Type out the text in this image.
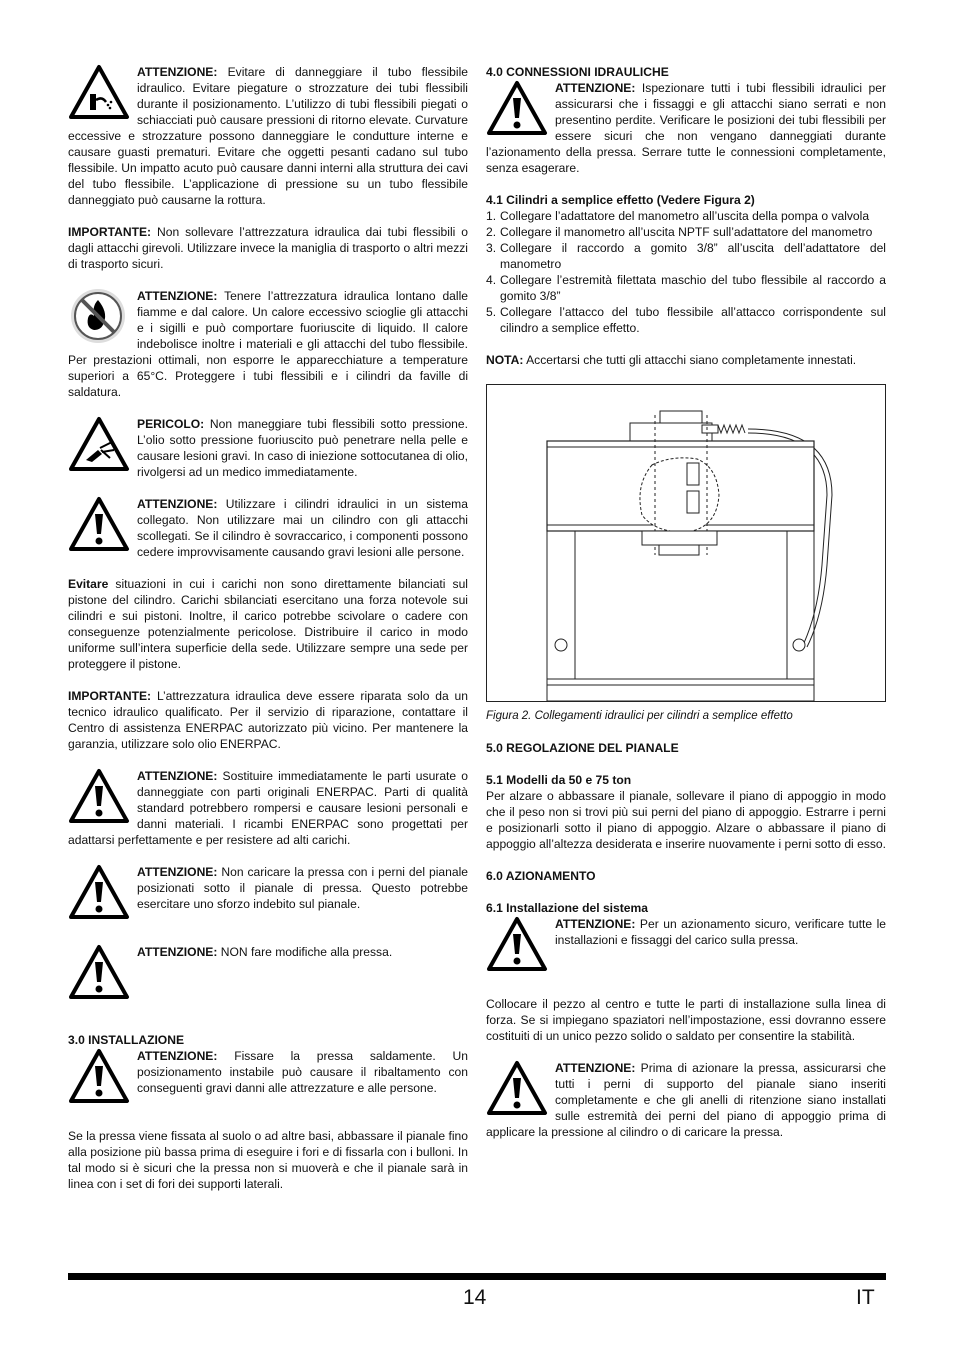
ATTENZIONE: Evitare di danneggiare il tubo flessibile idraulico. Evitare piegature o strozzature dei tubi flessibili durante il posizionamento. L’utilizzo di tubi flessibili piegati o schiacciati può causare pressioni di ritorno elevate. Curvature eccessive e strozzature possono danneggiare le condutture interne e causare guasti prematuri. Evitare che oggetti pesanti cadano sul tubo flessibile. Un impatto acuto può causare danni interni alla struttura dei cavi del tubo flessibile. L’applicazione di pressione su un tubo flessibile danneggiato può causarne la rottura.

IMPORTANTE: Non sollevare l’attrezzatura idraulica dai tubi flessibili o dagli attacchi girevoli. Utilizzare invece la maniglia di trasporto o altri mezzi di trasporto sicuri.

ATTENZIONE: Tenere l’attrezzatura idraulica lontano dalle fiamme e dal calore. Un calore eccessivo scioglie gli attacchi e i sigilli e può comportare fuoriuscite di liquido. Il calore indebolisce inoltre i materiali e gli attacchi del tubo flessibile. Per prestazioni ottimali, non esporre le apparecchiature a temperature superiori a 65°C. Proteggere i tubi flessibili e i cilindri da faville di saldatura.
PERICOLO: Non maneggiare tubi flessibili sotto pressione. L’olio sotto pressione fuoriuscito può penetrare nella pelle e causare lesioni gravi. In caso di iniezione sottocutanea di olio, rivolgersi ad un medico immediatamente.
ATTENZIONE: Utilizzare i cilindri idraulici in un sistema collegato. Non utilizzare mai un cilindro con gli attacchi scollegati. Se il cilindro è sovraccarico, i componenti possono cedere improvvisamente causando gravi lesioni alle persone.

Evitare situazioni in cui i carichi non sono direttamente bilanciati sul pistone del cilindro. Carichi sbilanciati esercitano una forza notevole sui cilindri e sui pistoni. Inoltre, il carico potrebbe scivolare o cadere con conseguenze potenzialmente pericolose. Distribuire il carico in modo uniforme sull’intera superficie della sede. Utilizzare sempre una sede per proteggere il pistone.

IMPORTANTE: L’attrezzatura idraulica deve essere riparata solo da un tecnico idraulico qualificato. Per il servizio di riparazione, contattare il Centro di assistenza ENERPAC autorizzato più vicino. Per mantenere la garanzia, utilizzare solo olio ENERPAC.

ATTENZIONE: Sostituire immediatamente le parti usurate o danneggiate con parti originali ENERPAC. Parti di qualità standard potrebbero rompersi e causare lesioni personali e danni materiali. I ricambi ENERPAC sono progettati per adattarsi perfettamente e per resistere ad alti carichi.
ATTENZIONE: Non caricare la pressa con i perni del pianale posizionati sotto il pianale di pressa. Questo potrebbe esercitare uno sforzo indebito sul pianale.
ATTENZIONE: NON fare modifiche alla pressa.
3.0 INSTALLAZIONE
ATTENZIONE: Fissare la pressa saldamente. Un posizionamento instabile può causare il ribaltamento con conseguenti gravi danni alle attrezzature e alle persone.

Se la pressa viene fissata al suolo o ad altre basi, abbassare il pianale fino alla posizione più bassa prima di eseguire i fori e di fissarla con i bulloni. In tal modo si è sicuri che la pressa non si muoverà e che il pianale sarà in linea con i set di fori dei supporti laterali.

4.0 CONNESSIONI IDRAULICHE
ATTENZIONE: Ispezionare tutti i tubi flessibili idraulici per assicurarsi che i fissaggi e gli attacchi siano serrati e non presentino perdite. Verificare le posizioni dei tubi flessibili per essere sicuri che non vengano danneggiati durante l’azionamento della pressa. Serrare tutte le connessioni completamente, senza esagerare.
4.1 Cilindri a semplice effetto (Vedere Figura 2)
1. Collegare l’adattatore del manometro all’uscita della pompa o valvola
2. Collegare il manometro all’uscita NPTF sull’adattatore del manometro
3. Collegare il raccordo a gomito 3/8” all’uscita dell’adattatore del manometro
4. Collegare l’estremità filettata maschio del tubo flessibile al raccordo a gomito 3/8”
5. Collegare l’attacco del tubo flessibile all’attacco corrispondente sul cilindro a semplice effetto.

NOTA: Accertarsi che tutti gli attacchi siano completamente innestati.

Figura 2. Collegamenti idraulici per cilindri a semplice effetto

5.0 REGOLAZIONE DEL PIANALE
5.1 Modelli da 50 e 75 ton

Per alzare o abbassare il pianale, sollevare il piano di appoggio in modo che il peso non si trovi più sui perni del piano di appoggio. Estrarre i perni e posizionarli sotto il piano di appoggio. Alzare o abbassare il piano di appoggio all’altezza desiderata e inserire nuovamente i perni sotto di esso.

6.0 AZIONAMENTO
6.1 Installazione del sistema
ATTENZIONE: Per un azionamento sicuro, verificare tutte le installazioni e fissaggi del carico sulla pressa.

Collocare il pezzo al centro e tutte le parti di installazione sulla linea di forza. Se si impiegano spaziatori nell’impostazione, essi dovranno essere costituiti di un unico pezzo solido o saldato per consentire la stabilità.

ATTENZIONE: Prima di azionare la pressa, assicurarsi che tutti i perni di supporto del pianale siano inseriti completamente e che gli anelli di ritenzione siano installati sulle estremità dei perni del piano di appoggio prima di applicare la pressione al cilindro o di caricare la pressa.
14	IT
